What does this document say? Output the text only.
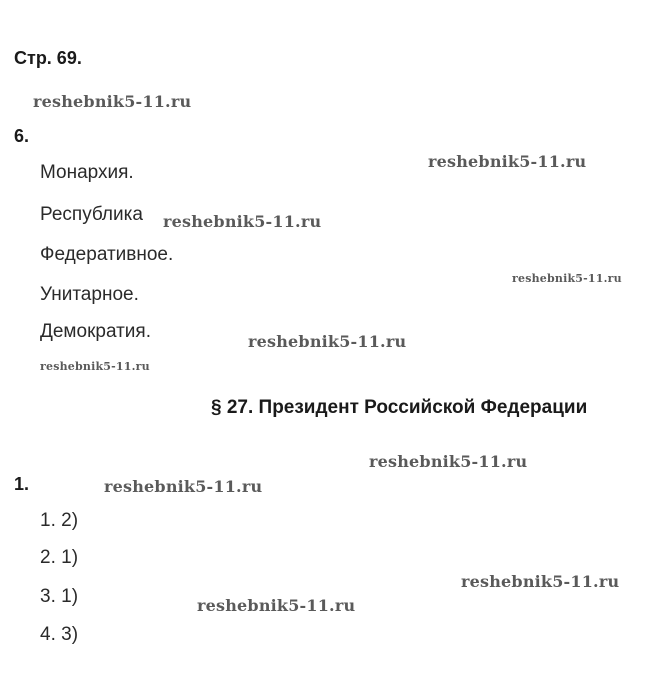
Стр. 69.
6.
Монархия.
Республика
Федеративное.
Унитарное.
Демократия.
§ 27. Президент Российской Федерации
1.
1. 2)
2. 1)
3. 1)
4. 3)
reshebnik5-11.ru
reshebnik5-11.ru
reshebnik5-11.ru
reshebnik5-11.ru
reshebnik5-11.ru
reshebnik5-11.ru
reshebnik5-11.ru
reshebnik5-11.ru
reshebnik5-11.ru
reshebnik5-11.ru
